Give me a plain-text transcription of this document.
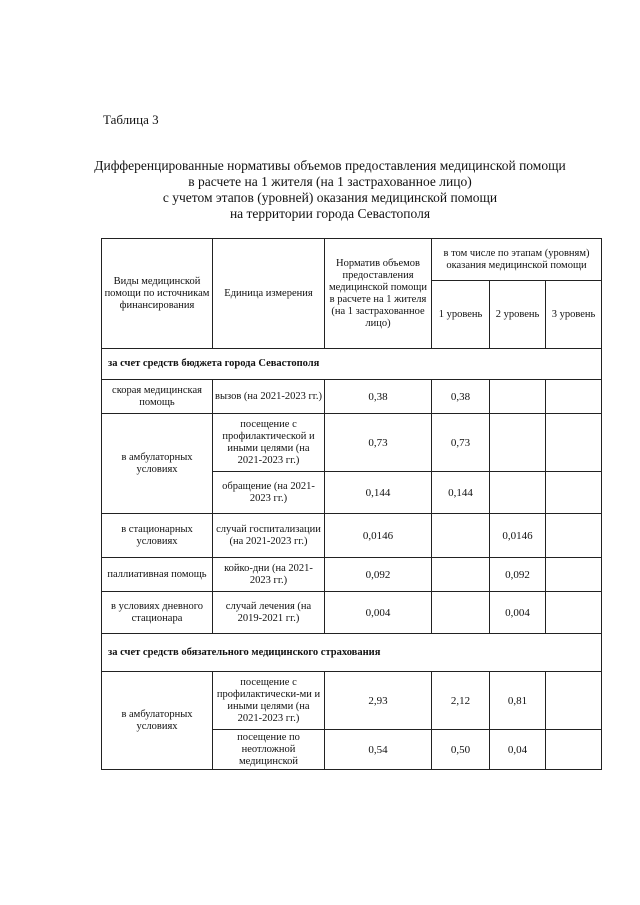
Таблица 3
Дифференцированные нормативы объемов предоставления медицинской помощи
в расчете на 1 жителя (на 1 застрахованное лицо)
с учетом этапов (уровней) оказания медицинской помощи
на территории города Севастополя
Виды медицинской помощи по источникам финансирования	Единица измерения	Норматив объемов предоставления медицинской помощи в расчете на 1 жителя (на 1 застрахованное лицо)	в том числе по этапам (уровням) оказания медицинской помощи		
			1 уровень	2 уровень	3 уровень
за счет средств бюджета города Севастополя					
скорая медицинская помощь	вызов (на 2021-2023 гг.)	0,38	0,38		
в амбулаторных условиях	посещение с профилактической и иными целями (на 2021-2023 гг.)	0,73	0,73		
	обращение (на 2021-2023 гг.)	0,144	0,144		
в стационарных условиях	случай госпитализации (на 2021-2023 гг.)	0,0146		0,0146	
паллиативная помощь	койко-дни (на 2021-2023 гг.)	0,092		0,092	
в условиях дневного стационара	случай лечения (на 2019-2021 гг.)	0,004		0,004	
за счет средств обязательного медицинского страхования					
в амбулаторных условиях	посещение с профилактически-ми и иными целями (на 2021-2023 гг.)	2,93	2,12	0,81	
	посещение по неотложной медицинской	0,54	0,50	0,04	
